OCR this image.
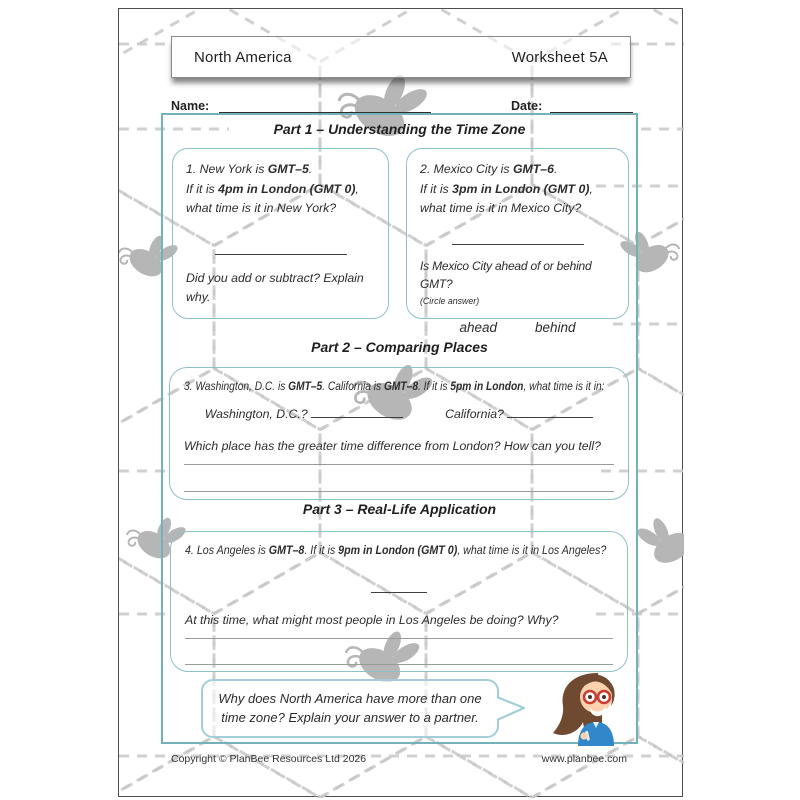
North America	Worksheet 5A
Name:	Date:
Part 1 – Understanding the Time Zone

1. New York is GMT–5.

If it is 4pm in London (GMT 0), what time is it in New York?

Did you add or subtract? Explain why.

2. Mexico City is GMT–6.

If it is 3pm in London (GMT 0), what time is it in Mexico City?

Is Mexico City ahead of or behind GMT?

(Circle answer)

ahead	behind
Part 2 – Comparing Places

3. Washington, D.C. is GMT–5. California is GMT–8. If it is 5pm in London, what time is it in:

Washington, D.C.?	California?

Which place has the greater time difference from London? How can you tell?

Part 3 – Real-Life Application

4. Los Angeles is GMT–8. If it is 9pm in London (GMT 0), what time is it in Los Angeles?

At this time, what might most people in Los Angeles be doing? Why?

Why does North America have more than one time zone? Explain your answer to a partner.
Copyright © PlanBee Resources Ltd 2026	www.planbee.com
